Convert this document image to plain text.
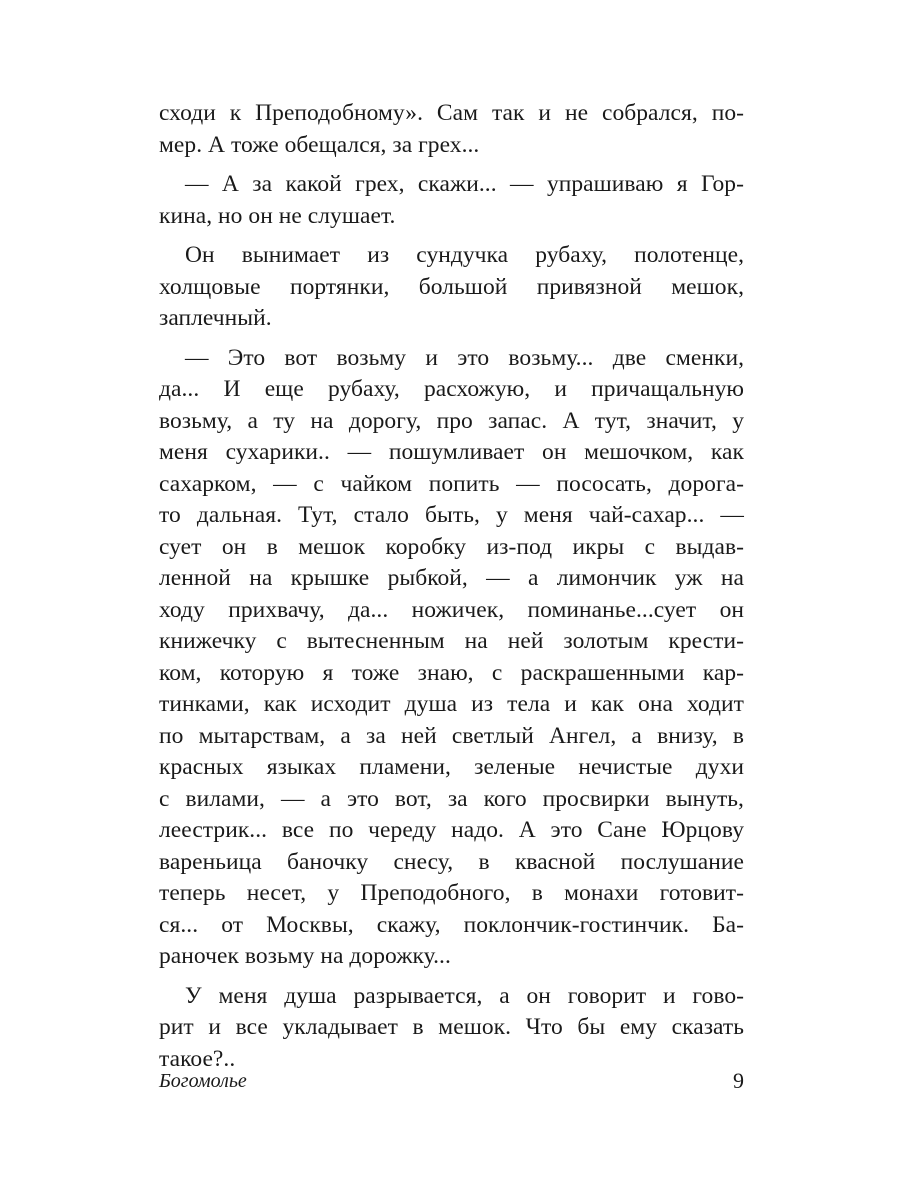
сходи к Преподобному». Сам так и не собрался, по-
мер. А тоже обещался, за грех...
— А за какой грех, скажи... — упрашиваю я Гор-
кина, но он не слушает.
Он вынимает из сундучка рубаху, полотенце,
холщовые портянки, большой привязной мешок,
заплечный.
— Это вот возьму и это возьму... две сменки,
да... И еще рубаху, расхожую, и причащальную
возьму, а ту на дорогу, про запас. А тут, значит, у
меня сухарики.. — пошумливает он мешочком, как
сахарком, — с чайком попить — пососать, дорога-
то дальная. Тут, стало быть, у меня чай-сахар... —
сует он в мешок коробку из-под икры с выдав-
ленной на крышке рыбкой, — а лимончик уж на
ходу прихвачу, да... ножичек, поминанье...сует он
книжечку с вытесненным на ней золотым крести-
ком, которую я тоже знаю, с раскрашенными кар-
тинками, как исходит душа из тела и как она ходит
по мытарствам, а за ней светлый Ангел, а внизу, в
красных языках пламени, зеленые нечистые духи
с вилами, — а это вот, за кого просвирки вынуть,
леестрик... все по череду надо. А это Сане Юрцову
вареньица баночку снесу, в квасной послушание
теперь несет, у Преподобного, в монахи готовит-
ся... от Москвы, скажу, поклончик-гостинчик. Ба-
раночек возьму на дорожку...
У меня душа разрывается, а он говорит и гово-
рит и все укладывает в мешок. Что бы ему сказать
такое?..
Богомолье	9
